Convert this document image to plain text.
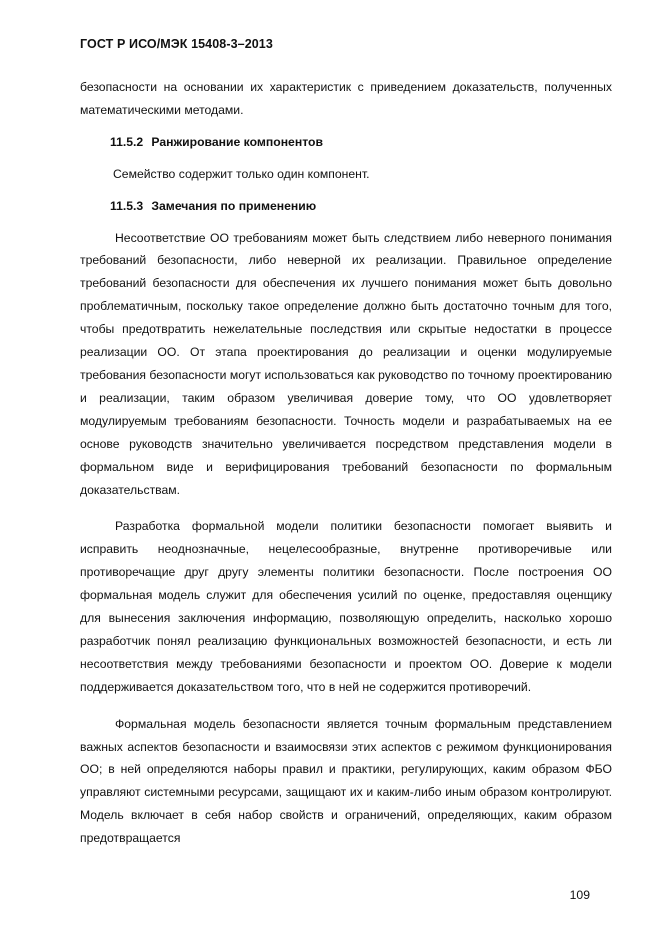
ГОСТ Р ИСО/МЭК 15408-3–2013

безопасности на основании их характеристик с приведением доказательств, полученных математическими методами.

11.5.2 Ранжирование компонентов

Семейство содержит только один компонент.

11.5.3 Замечания по применению

Несоответствие ОО требованиям может быть следствием либо неверного понимания требований безопасности, либо неверной их реализации. Правильное определение требований безопасности для обеспечения их лучшего понимания может быть довольно проблематичным, поскольку такое определение должно быть достаточно точным для того, чтобы предотвратить нежелательные последствия или скрытые недостатки в процессе реализации ОО. От этапа проектирования до реализации и оценки модулируемые требования безопасности могут использоваться как руководство по точному проектированию и реализации, таким образом увеличивая доверие тому, что ОО удовлетворяет модулируемым требованиям безопасности. Точность модели и разрабатываемых на ее основе руководств значительно увеличивается посредством представления модели в формальном виде и верифицирования требований безопасности по формальным доказательствам.

Разработка формальной модели политики безопасности помогает выявить и исправить неоднозначные, нецелесообразные, внутренне противоречивые или противоречащие друг другу элементы политики безопасности. После построения ОО формальная модель служит для обеспечения усилий по оценке, предоставляя оценщику для вынесения заключения информацию, позволяющую определить, насколько хорошо разработчик понял реализацию функциональных возможностей безопасности, и есть ли несоответствия между требованиями безопасности и проектом ОО. Доверие к модели поддерживается доказательством того, что в ней не содержится противоречий.

Формальная модель безопасности является точным формальным представлением важных аспектов безопасности и взаимосвязи этих аспектов с режимом функционирования ОО; в ней определяются наборы правил и практики, регулирующих, каким образом ФБО управляют системными ресурсами, защищают их и каким-либо иным образом контролируют. Модель включает в себя набор свойств и ограничений, определяющих, каким образом предотвращается

109
